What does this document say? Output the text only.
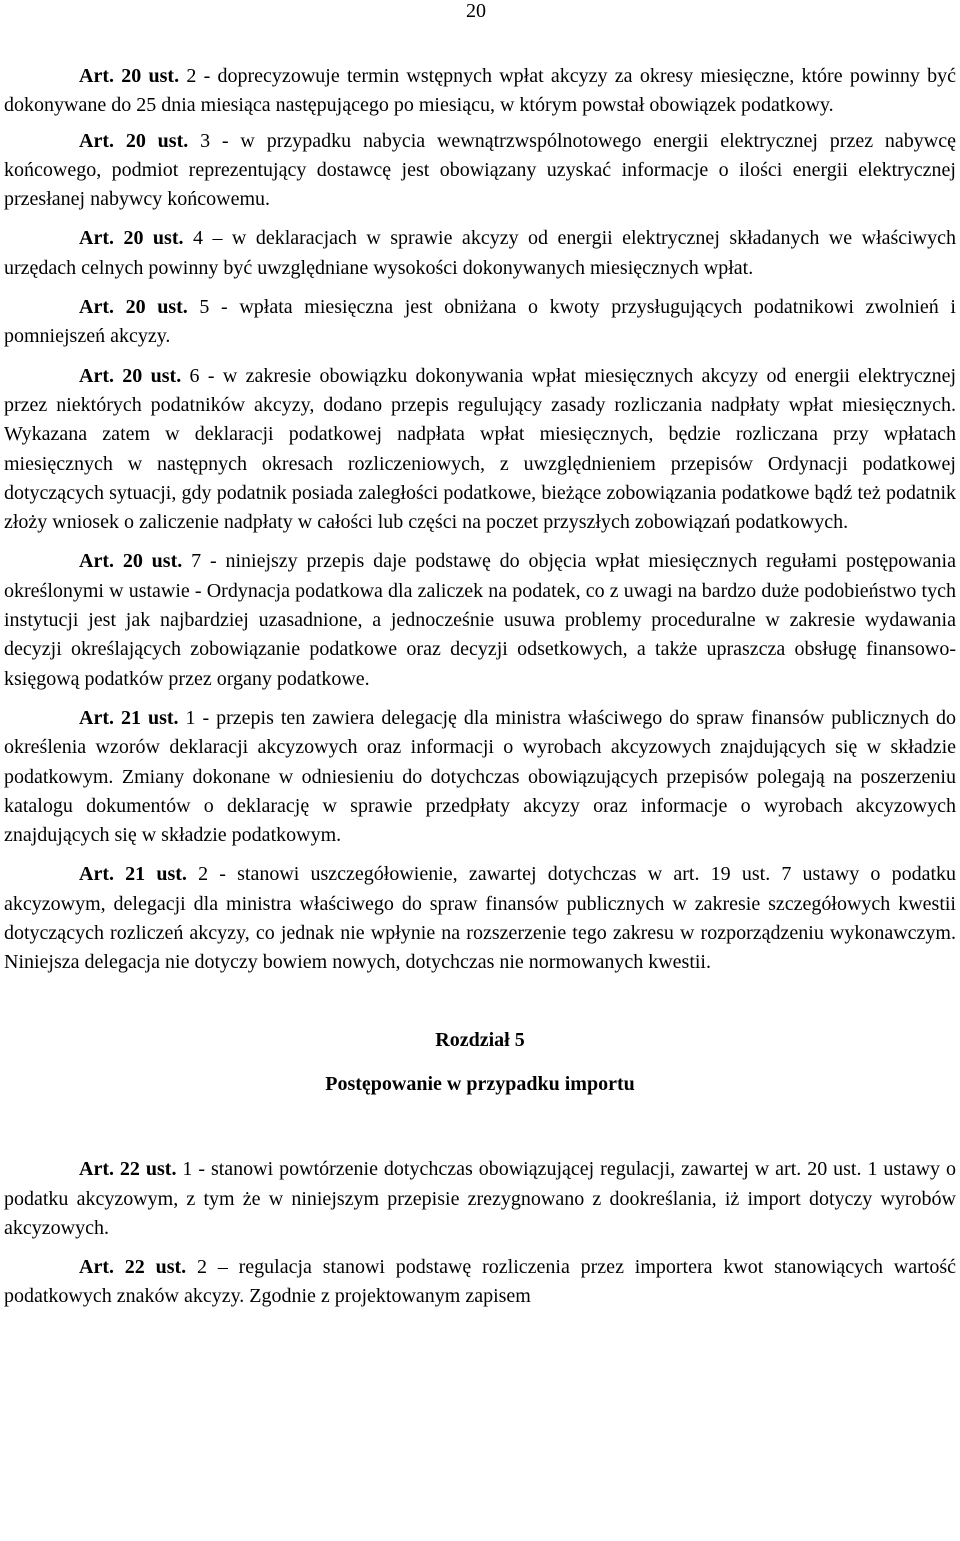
20

Art. 20 ust. 2 - doprecyzowuje termin wstępnych wpłat akcyzy za okresy miesięczne, które powinny być dokonywane do 25 dnia miesiąca następującego po miesiącu, w którym powstał obowiązek podatkowy.

Art. 20 ust. 3 - w przypadku nabycia wewnątrzwspólnotowego energii elektrycznej przez nabywcę końcowego, podmiot reprezentujący dostawcę jest obowiązany uzyskać informacje o ilości energii elektrycznej przesłanej nabywcy końcowemu.

Art. 20 ust. 4 – w deklaracjach w sprawie akcyzy od energii elektrycznej składanych we właściwych urzędach celnych powinny być uwzględniane wysokości dokonywanych miesięcznych wpłat.

Art. 20 ust. 5 - wpłata miesięczna jest obniżana o kwoty przysługujących podatnikowi zwolnień i pomniejszeń akcyzy.

Art. 20 ust. 6 - w zakresie obowiązku dokonywania wpłat miesięcznych akcyzy od energii elektrycznej przez niektórych podatników akcyzy, dodano przepis regulujący zasady rozliczania nadpłaty wpłat miesięcznych. Wykazana zatem w deklaracji podatkowej nadpłata wpłat miesięcznych, będzie rozliczana przy wpłatach miesięcznych w następnych okresach rozliczeniowych, z uwzględnieniem przepisów Ordynacji podatkowej dotyczących sytuacji, gdy podatnik posiada zaległości podatkowe, bieżące zobowiązania podatkowe bądź też podatnik złoży wniosek o zaliczenie nadpłaty w całości lub części na poczet przyszłych zobowiązań podatkowych.

Art. 20 ust. 7 - niniejszy przepis daje podstawę do objęcia wpłat miesięcznych regułami postępowania określonymi w ustawie - Ordynacja podatkowa dla zaliczek na podatek, co z uwagi na bardzo duże podobieństwo tych instytucji jest jak najbardziej uzasadnione, a jednocześnie usuwa problemy proceduralne w zakresie wydawania decyzji określających zobowiązanie podatkowe oraz decyzji odsetkowych, a także upraszcza obsługę finansowo-księgową podatków przez organy podatkowe.

Art. 21 ust. 1 - przepis ten zawiera delegację dla ministra właściwego do spraw finansów publicznych do określenia wzorów deklaracji akcyzowych oraz informacji o wyrobach akcyzowych znajdujących się w składzie podatkowym. Zmiany dokonane w odniesieniu do dotychczas obowiązujących przepisów polegają na poszerzeniu katalogu dokumentów o deklarację w sprawie przedpłaty akcyzy oraz informacje o wyrobach akcyzowych znajdujących się w składzie podatkowym.

Art. 21 ust. 2 - stanowi uszczegółowienie, zawartej dotychczas w art. 19 ust. 7 ustawy o podatku akcyzowym, delegacji dla ministra właściwego do spraw finansów publicznych w zakresie szczegółowych kwestii dotyczących rozliczeń akcyzy, co jednak nie wpłynie na rozszerzenie tego zakresu w rozporządzeniu wykonawczym. Niniejsza delegacja nie dotyczy bowiem nowych, dotychczas nie normowanych kwestii.

Rozdział 5

Postępowanie w przypadku importu

Art. 22 ust. 1 - stanowi powtórzenie dotychczas obowiązującej regulacji, zawartej w art. 20 ust. 1 ustawy o podatku akcyzowym, z tym że w niniejszym przepisie zrezygnowano z dookreślania, iż import dotyczy wyrobów akcyzowych.

Art. 22 ust. 2 – regulacja stanowi podstawę rozliczenia przez importera kwot stanowiących wartość podatkowych znaków akcyzy. Zgodnie z projektowanym zapisem
